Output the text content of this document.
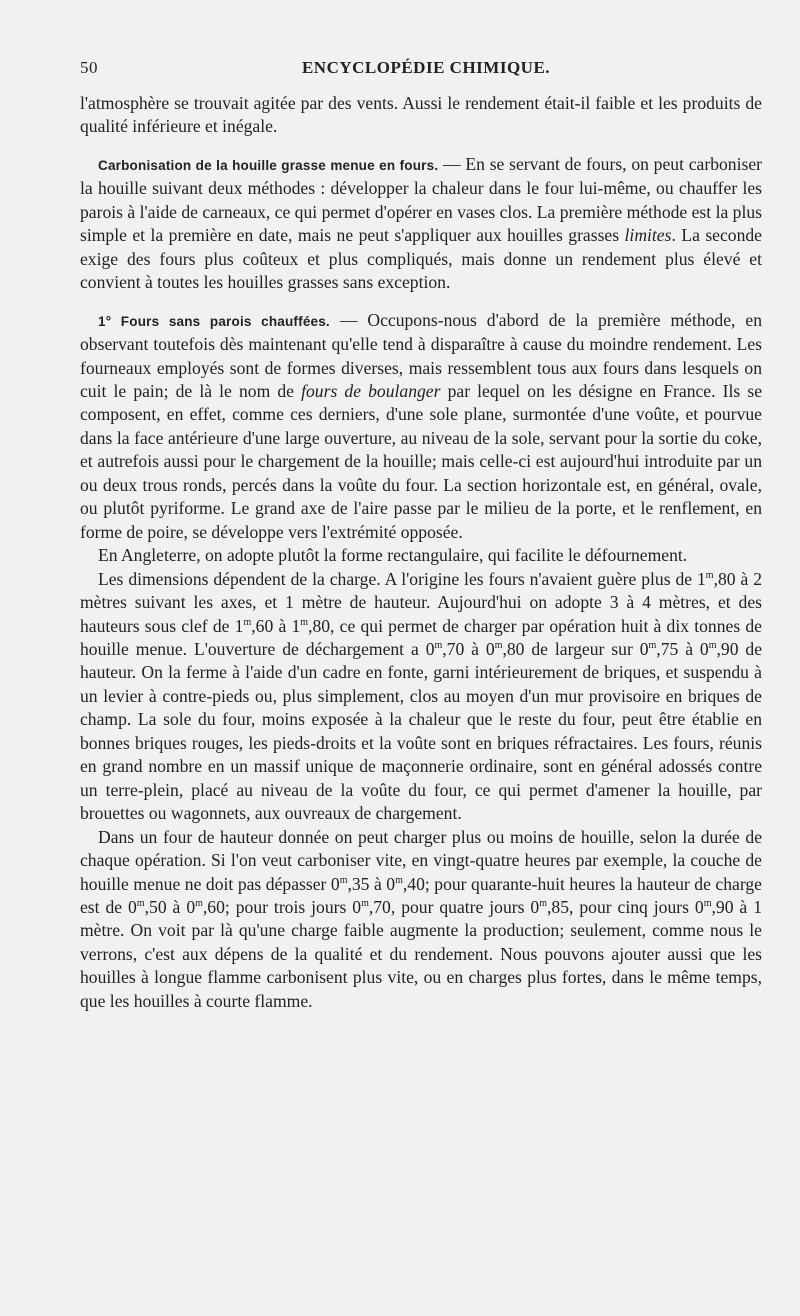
50	ENCYCLOPÉDIE CHIMIQUE.

l'atmosphère se trouvait agitée par des vents. Aussi le rendement était-il faible et les produits de qualité inférieure et inégale.

Carbonisation de la houille grasse menue en fours. — En se servant de fours, on peut carboniser la houille suivant deux méthodes : développer la chaleur dans le four lui-même, ou chauffer les parois à l'aide de carneaux, ce qui permet d'opérer en vases clos. La première méthode est la plus simple et la première en date, mais ne peut s'appliquer aux houilles grasses limites. La seconde exige des fours plus coûteux et plus compliqués, mais donne un rendement plus élevé et convient à toutes les houilles grasses sans exception.

1° Fours sans parois chauffées. — Occupons-nous d'abord de la première méthode, en observant toutefois dès maintenant qu'elle tend à disparaître à cause du moindre rendement. Les fourneaux employés sont de formes diverses, mais ressemblent tous aux fours dans lesquels on cuit le pain; de là le nom de fours de boulanger par lequel on les désigne en France. Ils se composent, en effet, comme ces derniers, d'une sole plane, surmontée d'une voûte, et pourvue dans la face antérieure d'une large ouverture, au niveau de la sole, servant pour la sortie du coke, et autrefois aussi pour le chargement de la houille; mais celle-ci est aujourd'hui introduite par un ou deux trous ronds, percés dans la voûte du four. La section horizontale est, en général, ovale, ou plutôt pyriforme. Le grand axe de l'aire passe par le milieu de la porte, et le renflement, en forme de poire, se développe vers l'extrémité opposée.

En Angleterre, on adopte plutôt la forme rectangulaire, qui facilite le défournement.

Les dimensions dépendent de la charge. A l'origine les fours n'avaient guère plus de 1$^m$,80 à 2 mètres suivant les axes, et 1 mètre de hauteur. Aujourd'hui on adopte 3 à 4 mètres, et des hauteurs sous clef de 1$^m$,60 à 1$^m$,80, ce qui permet de charger par opération huit à dix tonnes de houille menue. L'ouverture de déchargement a 0$^m$,70 à 0$^m$,80 de largeur sur 0$^m$,75 à 0$^m$,90 de hauteur. On la ferme à l'aide d'un cadre en fonte, garni intérieurement de briques, et suspendu à un levier à contre-pieds ou, plus simplement, clos au moyen d'un mur provisoire en briques de champ. La sole du four, moins exposée à la chaleur que le reste du four, peut être établie en bonnes briques rouges, les pieds-droits et la voûte sont en briques réfractaires. Les fours, réunis en grand nombre en un massif unique de maçonnerie ordinaire, sont en général adossés contre un terre-plein, placé au niveau de la voûte du four, ce qui permet d'amener la houille, par brouettes ou wagonnets, aux ouvreaux de chargement.

Dans un four de hauteur donnée on peut charger plus ou moins de houille, selon la durée de chaque opération. Si l'on veut carboniser vite, en vingt-quatre heures par exemple, la couche de houille menue ne doit pas dépasser 0$^m$,35 à 0$^m$,40; pour quarante-huit heures la hauteur de charge est de 0$^m$,50 à 0$^m$,60; pour trois jours 0$^m$,70, pour quatre jours 0$^m$,85, pour cinq jours 0$^m$,90 à 1 mètre. On voit par là qu'une charge faible augmente la production; seulement, comme nous le verrons, c'est aux dépens de la qualité et du rendement. Nous pouvons ajouter aussi que les houilles à longue flamme carbonisent plus vite, ou en charges plus fortes, dans le même temps, que les houilles à courte flamme.
